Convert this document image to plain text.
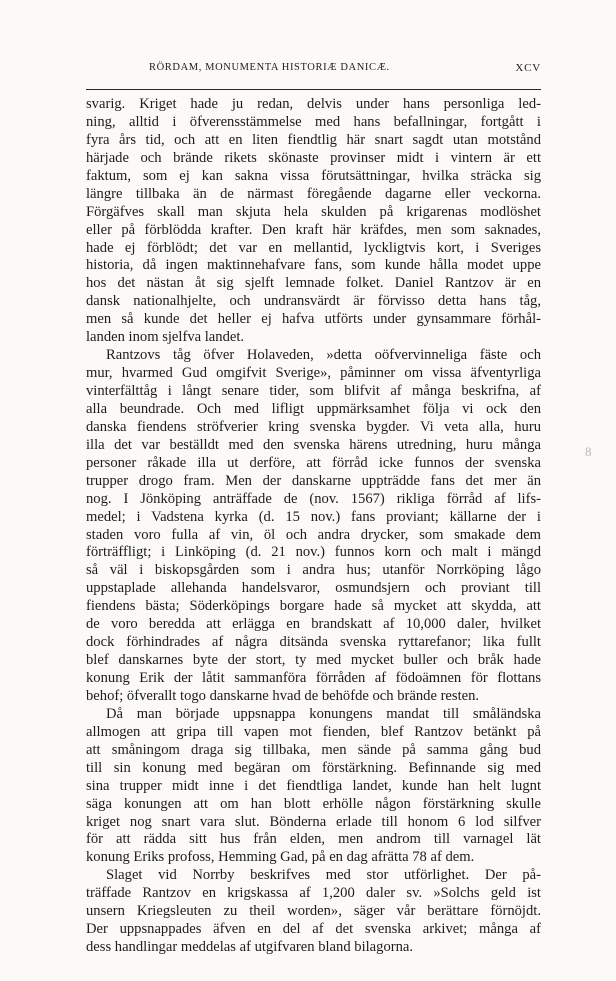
RÖRDAM, MONUMENTA HISTORIÆ DANICÆ.	XCV
svarig. Kriget hade ju redan, delvis under hans personliga led-
ning, alltid i öfverensstämmelse med hans befallningar, fortgått i
fyra års tid, och att en liten fiendtlig här snart sagdt utan motstånd
härjade och brände rikets skönaste provinser midt i vintern är ett
faktum, som ej kan sakna vissa förutsättningar, hvilka sträcka sig
längre tillbaka än de närmast föregående dagarne eller veckorna.
Förgäfves skall man skjuta hela skulden på krigarenas modlöshet
eller på förblödda krafter. Den kraft här kräfdes, men som saknades,
hade ej förblödt; det var en mellantid, lyckligtvis kort, i Sveriges
historia, då ingen maktinnehafvare fans, som kunde hålla modet uppe
hos det nästan åt sig sjelft lemnade folket. Daniel Rantzov är en
dansk nationalhjelte, och undransvärdt är förvisso detta hans tåg,
men så kunde det heller ej hafva utförts under gynsammare förhål-
landen inom sjelfva landet.
Rantzovs tåg öfver Holaveden, »detta oöfvervinneliga fäste och
mur, hvarmed Gud omgifvit Sverige», påminner om vissa äfventyrliga
vinterfälttåg i långt senare tider, som blifvit af många beskrifna, af
alla beundrade. Och med lifligt uppmärksamhet följa vi ock den
danska fiendens ströfverier kring svenska bygder. Vi veta alla, huru
illa det var beställdt med den svenska härens utredning, huru många
personer råkade illa ut derföre, att förråd icke funnos der svenska
trupper drogo fram. Men der danskarne uppträdde fans det mer än
nog. I Jönköping anträffade de (nov. 1567) rikliga förråd af lifs-
medel; i Vadstena kyrka (d. 15 nov.) fans proviant; källarne der i
staden voro fulla af vin, öl och andra drycker, som smakade dem
förträffligt; i Linköping (d. 21 nov.) funnos korn och malt i mängd
så väl i biskopsgården som i andra hus; utanför Norrköping lågo
uppstaplade allehanda handelsvaror, osmundsjern och proviant till
fiendens bästa; Söderköpings borgare hade så mycket att skydda, att
de voro beredda att erlägga en brandskatt af 10,000 daler, hvilket
dock förhindrades af några ditsända svenska ryttarefanor; lika fullt
blef danskarnes byte der stort, ty med mycket buller och bråk hade
konung Erik der låtit sammanföra förråden af födoämnen för flottans
behof; öfverallt togo danskarne hvad de behöfde och brände resten.
Då man började uppsnappa konungens mandat till småländska
allmogen att gripa till vapen mot fienden, blef Rantzov betänkt på
att småningom draga sig tillbaka, men sände på samma gång bud
till sin konung med begäran om förstärkning. Befinnande sig med
sina trupper midt inne i det fiendtliga landet, kunde han helt lugnt
säga konungen att om han blott erhölle någon förstärkning skulle
kriget nog snart vara slut. Bönderna erlade till honom 6 lod silfver
för att rädda sitt hus från elden, men androm till varnagel lät
konung Eriks profoss, Hemming Gad, på en dag afrätta 78 af dem.
Slaget vid Norrby beskrifves med stor utförlighet. Der på-
träffade Rantzov en krigskassa af 1,200 daler sv. »Solchs geld ist
unsern Kriegsleuten zu theil worden», säger vår berättare förnöjdt.
Der uppsnappades äfven en del af det svenska arkivet; många af
dess handlingar meddelas af utgifvaren bland bilagorna.
8
